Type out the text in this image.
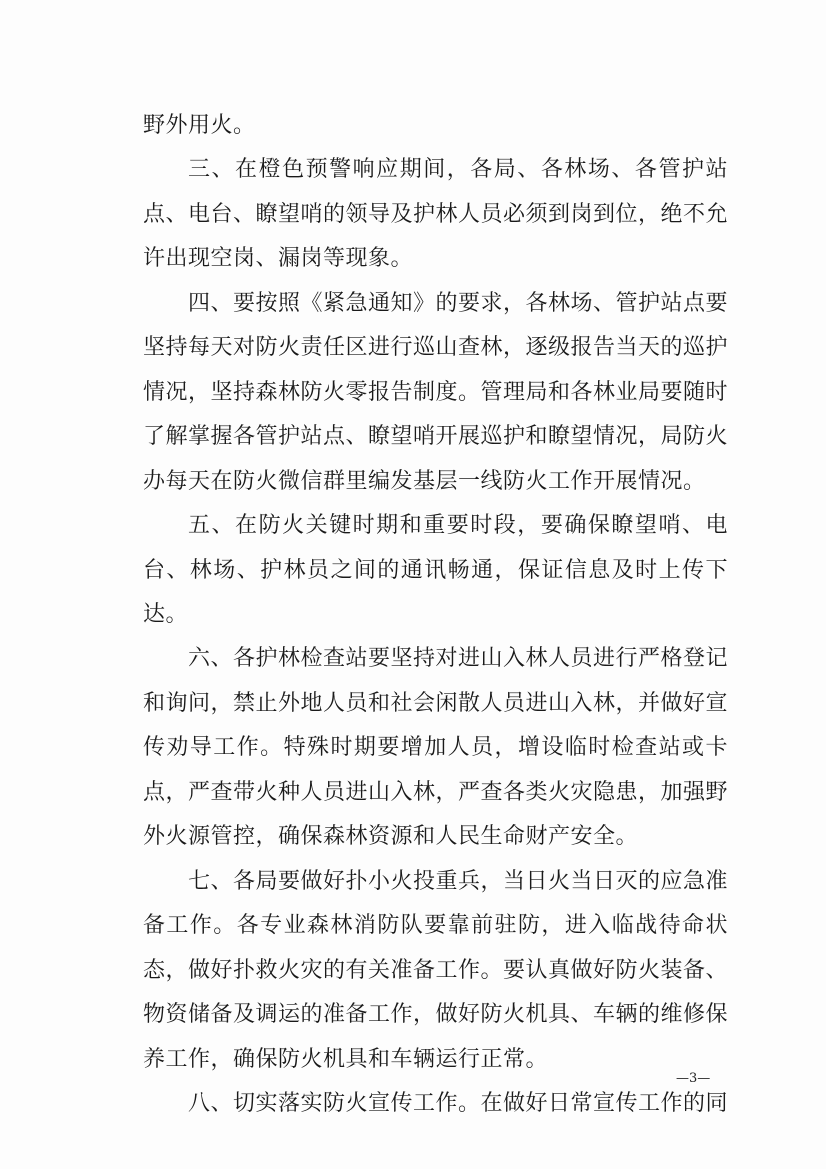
野外用火。

三、在橙色预警响应期间，各局、各林场、各管护站点、电台、瞭望哨的领导及护林人员必须到岗到位，绝不允许出现空岗、漏岗等现象。

四、要按照《紧急通知》的要求，各林场、管护站点要坚持每天对防火责任区进行巡山查林，逐级报告当天的巡护情况，坚持森林防火零报告制度。管理局和各林业局要随时了解掌握各管护站点、瞭望哨开展巡护和瞭望情况，局防火办每天在防火微信群里编发基层一线防火工作开展情况。

五、在防火关键时期和重要时段，要确保瞭望哨、电台、林场、护林员之间的通讯畅通，保证信息及时上传下达。

六、各护林检查站要坚持对进山入林人员进行严格登记和询问，禁止外地人员和社会闲散人员进山入林，并做好宣传劝导工作。特殊时期要增加人员，增设临时检查站或卡点，严查带火种人员进山入林，严查各类火灾隐患，加强野外火源管控，确保森林资源和人民生命财产安全。

七、各局要做好扑小火投重兵，当日火当日灭的应急准备工作。各专业森林消防队要靠前驻防，进入临战待命状态，做好扑救火灾的有关准备工作。要认真做好防火装备、物资储备及调运的准备工作，做好防火机具、车辆的维修保养工作，确保防火机具和车辆运行正常。

八、切实落实防火宣传工作。在做好日常宣传工作的同

—3—
